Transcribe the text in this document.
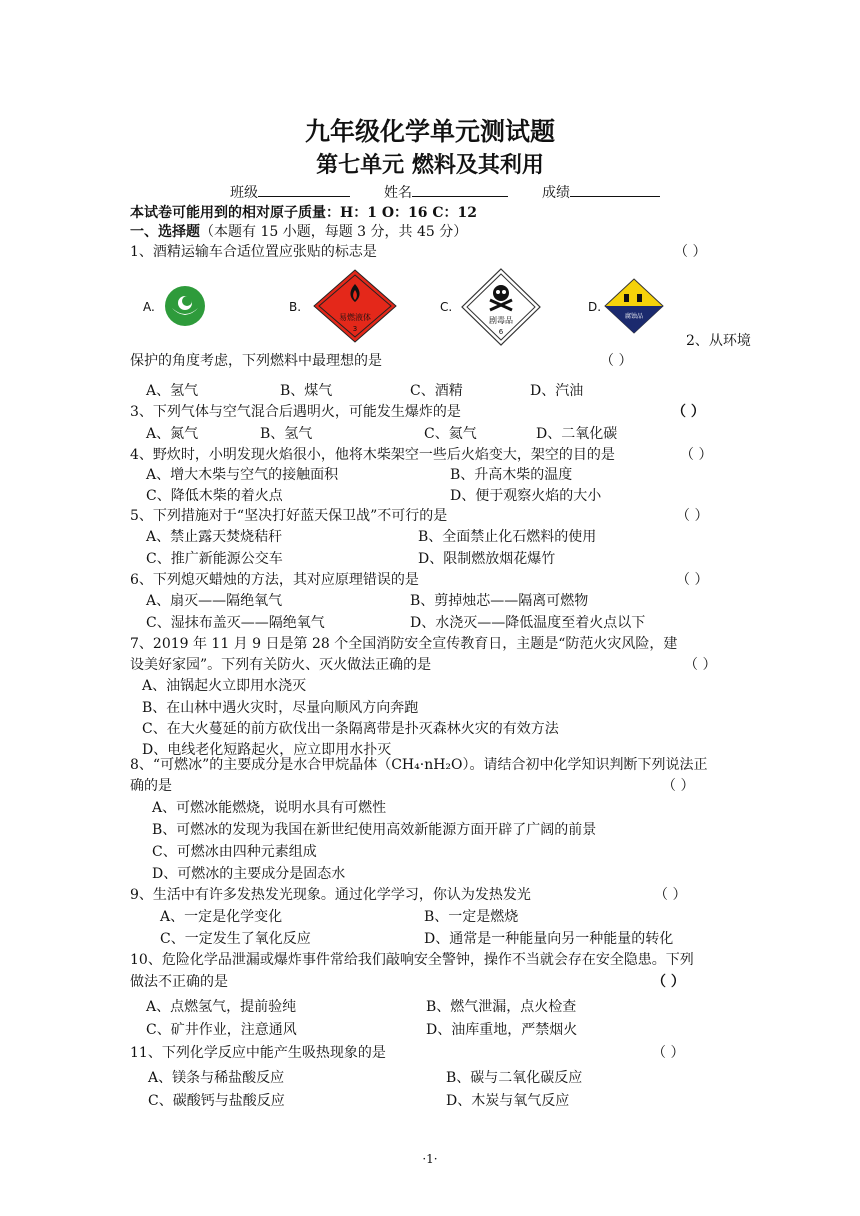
九年级化学单元测试题
第七单元 燃料及其利用
班级	姓名	成绩
本试卷可能用到的相对原子质量：H：1 O：16 C：12
一、选择题（本题有 15 小题，每题 3 分，共 45 分）
1、酒精运输车合适位置应张贴的标志是	（ ）
A.	B.
易燃液体
3
C.
剧毒品
6
D.
腐蚀品
2、从环境
保护的角度考虑，下列燃料中最理想的是	（ ）
A、氢气	B、煤气	C、酒精	D、汽油
3、下列气体与空气混合后遇明火，可能发生爆炸的是	（ ）
A、氮气	B、氢气	C、氦气	D、二氧化碳
4、野炊时，小明发现火焰很小，他将木柴架空一些后火焰变大，架空的目的是	（ ）
A、增大木柴与空气的接触面积	B、升高木柴的温度
C、降低木柴的着火点	D、便于观察火焰的大小
5、下列措施对于“坚决打好蓝天保卫战”不可行的是	（ ）
A、禁止露天焚烧秸秆	B、全面禁止化石燃料的使用
C、推广新能源公交车	D、限制燃放烟花爆竹
6、下列熄灭蜡烛的方法，其对应原理错误的是	（ ）
A、扇灭——隔绝氧气	B、剪掉烛芯——隔离可燃物
C、湿抹布盖灭——隔绝氧气	D、水浇灭——降低温度至着火点以下
7、2019 年 11 月 9 日是第 28 个全国消防安全宣传教育日，主题是“防范火灾风险，建
设美好家园”。下列有关防火、灭火做法正确的是	（ ）
A、油锅起火立即用水浇灭
B、在山林中遇火灾时，尽量向顺风方向奔跑
C、在大火蔓延的前方砍伐出一条隔离带是扑灭森林火灾的有效方法
D、电线老化短路起火，应立即用水扑灭
8、“可燃冰”的主要成分是水合甲烷晶体（CH₄·nH₂O）。请结合初中化学知识判断下列说法正
确的是	（ ）
A、可燃冰能燃烧，说明水具有可燃性
B、可燃冰的发现为我国在新世纪使用高效新能源方面开辟了广阔的前景
C、可燃冰由四种元素组成
D、可燃冰的主要成分是固态水
9、生活中有许多发热发光现象。通过化学学习，你认为发热发光	（ ）
A、一定是化学变化	B、一定是燃烧
C、一定发生了氧化反应	D、通常是一种能量向另一种能量的转化
10、危险化学品泄漏或爆炸事件常给我们敲响安全警钟，操作不当就会存在安全隐患。下列
做法不正确的是	（ ）
A、点燃氢气，提前验纯	B、燃气泄漏，点火检查
C、矿井作业，注意通风	D、油库重地，严禁烟火
11、下列化学反应中能产生吸热现象的是	（ ）
A、镁条与稀盐酸反应	B、碳与二氧化碳反应
C、碳酸钙与盐酸反应	D、木炭与氧气反应
·1·
